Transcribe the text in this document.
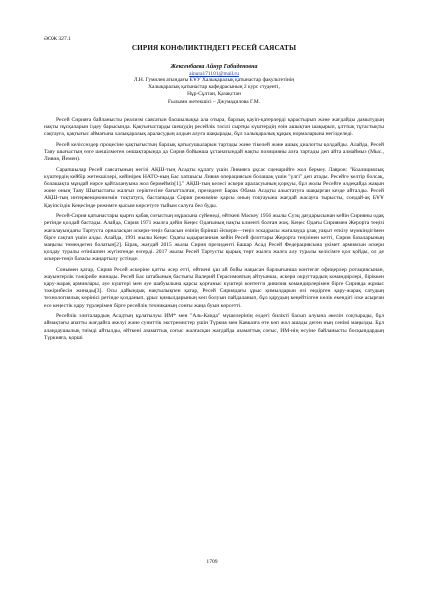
ӘОЖ 327.1

СИРИЯ КОНФЛИКТІНДЕГІ РЕСЕЙ САЯСАТЫ

Жексенбаева Айнур Габиденовна

ainura171101@mail.ru

Л.Н. Гумилев атындағы ЕҰУ Халықаралық қатынастар факультетінің

Халықаралық қатынастар кафедрасының 2 курс студенті,

Нұр-Сұлтан, Қазақстан

Ғылыми жетекшісі – Джумадилова Г.М.

Ресей Сирияға байланысты реализм саясатын басшылыққа ала отыра, барлық қауіп-қатерлерді қарастырып және жағдайды дамытудың нақты нұсқаларын іздеу барысында. Қақтығыстарды шешудің ресейлік тәсілі сыртқы күштердің өзін ашықтан шақырып, ұлттық тұтастықты сақтауға, қақтығыс аймағына халықаралық араласудың алдын алуға шақырады, бұл халықаралық құқық нормаларына негізделеді.

Ресей келіссөздер процесіне қақтығыстың барлық қатысушыларын тартады және тікелей және ашық диалогты қолдайды. Алайда, Ресей Таяу шығыстың өзге шешілмеген оншақтарында да Сирия бойынша ұстанатындай нақты позицияны алға тартады деп айта алмаймыз (Мыс., Ливия, Йемен).

Сарапшылар Ресей саясатының негізі АҚШ-тың Асадты құлату үшін Ливияға ұқсас сценарийге жол бермеу. Лавров: "Коалициялық күштердің кейбір жетекшілері, кейінірек НАТО-ның Бас хатшысы Ливия операциясын болашақ үшін "үлгі" деп атады. Ресейге келтір болсақ, болашақта мұндай нәрсе қайталануына жол бермейміз[1]." АҚШ-тың келесі әскери араласуының қорқуы, бұл жолы Ресейге әлдеқайда жақын және оның Таяу Шығыстағы жалғыз серіктесіне бағытталған, президент Барак Обама Асадты алыстатуға шақырған кезде айталды. Ресей АҚШ-тың интервенционизмін тоқтатуға, бастапқыда Сирия режиміне қарсы оның тоқтауына жағдай жасауға тырысты, сондай-ақ БҰҰ Қауіпсіздік Кеңесінде режимге қысым көрсетуге тыйым салуға бел буды.

Ресей-Сирия қатынастары қырғи қабақ соғыстың мұрасына сүйенеді, өйткені Мәскеу 1956 жылы Суэц дағдарысынан кейін Сирияны одақ ретінде қолдай бастады. Алайда, Сирия 1971 жылға дейін Кеңес Одағының нақты клиенті болған жоқ. Кеңес Одағы Сириямен Жерорта теңізі жағалауындағы Тартуста орналасқан әскери-теңіз базасын өзінің бірінші Әскери—теңіз эскадрасы жағалауда ұзақ уақыт өткізу мүмкіндігімен бірге сақтап үшін алды. Алайда, 1991 жылы Кеңес Одағы ыдырағаннан кейін Ресей флоттары Жерорта теңізінен кетті, Сирия базаларының маңызы төмендеген болатын[2]. Бірақ, жағдай 2015 жылы Сирия президенті Башар Асад Ресей Федерациясына үкімет армиясын әскери қолдау туралы өтінішпен жүгінгенде өзгерді. 2017 жылы Ресей Тартусты қырық төрт жылға жалға алу туралы келісімге қол қойды, ол де әскери-теңіз базасы жаңартылу үстінде.

Сонымен қатар, Сирия Ресей әскеріне қатты әсер етті, өйткені ұш ай бойы нақысан барлығынша контегат офицерлер ротациясынан, жауынгерлік тәжірибе жинады. Ресей Бас штабының бастығы Валерий Герасимовтың айтуынша, әскери округтардың командирлері, біріккен қару-жарақ армиялары, әуе күштері мен әуе шабуылына қарсы қорғаныс күштері контегги дивизия командирлерімен бірге Сирияда жұмыс тәжірибесін жинады[3]. Осы дайындық нақтылықпен қатар, Ресей Сириядағы ұрыс қимылдарын өзі өндірген қару-жарақ сатудың технологиялық көрінісі ретінде қолданып, ұрыс қимылдарының көп болуын пайдаланып, бұл қарудың кеңейтілген көлік екендігі іске асырған есе кеңестік қару түрлерімен бірге ресейлік техниканың сонғы жаңа буын көрсетті.

Ресейлік элиталардың Асадтың құлатылуы ИМ* мен "Аль-Каида" мүшелерінің елдегі билікті басып алуына әкелін соқтырады, бұл аймақтағы апатты жағдайға әкелуі және суниттік экстремистер үшін Түркия мен Кавказға өте көп жол ашады деген ның сенімі маңызды. Бұл алаңдаушылық тиімді айтылды, өйткені азаматтық соғыс жалғасқан жағдайда азаматтық соғыс, ИМ-нің өсуіне байланысты босқындардың Түркияға, қорші

1709
